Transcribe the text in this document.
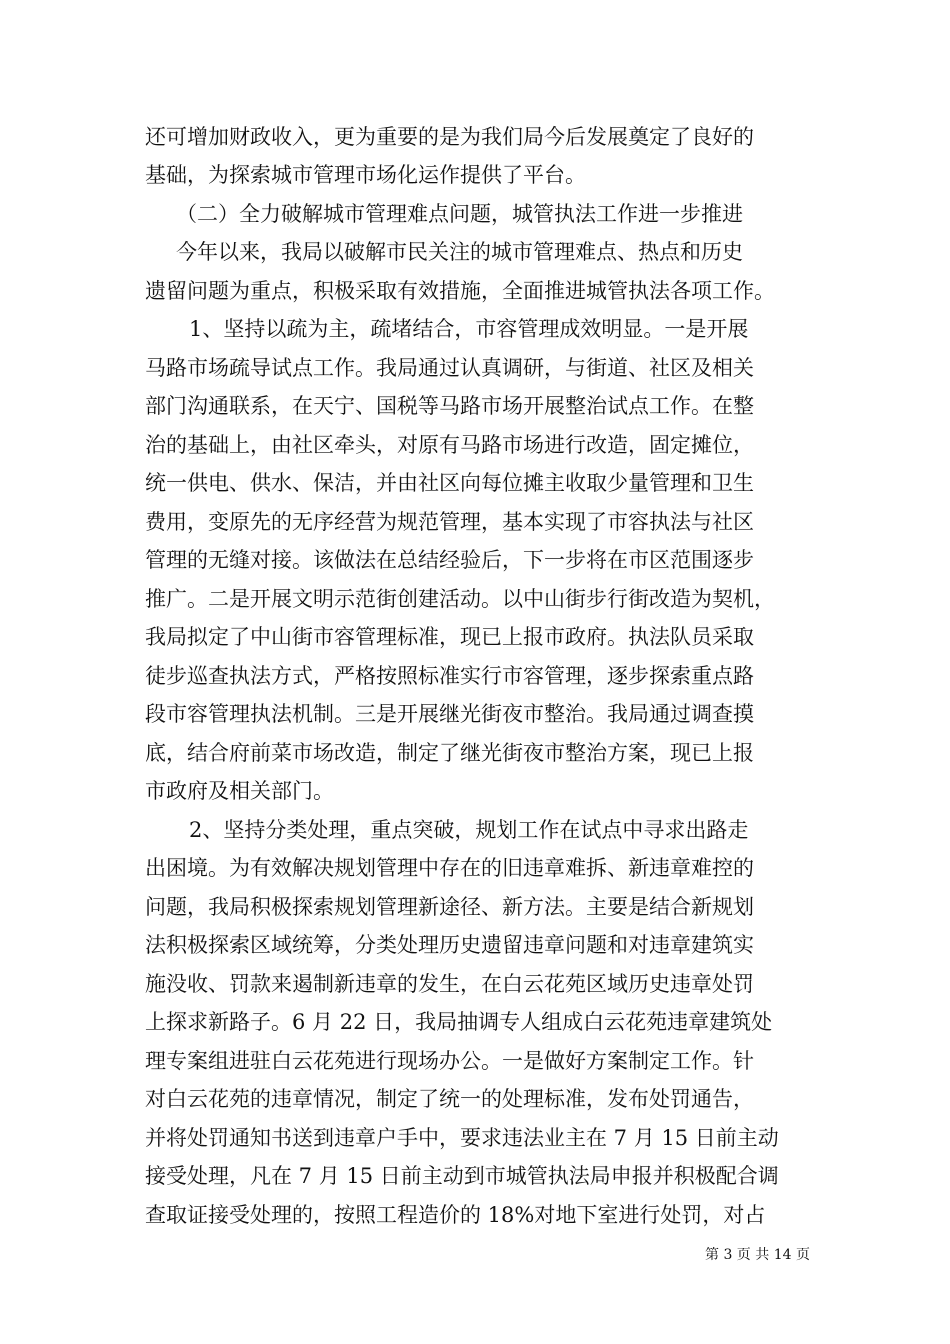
还可增加财政收入，更为重要的是为我们局今后发展奠定了良好的
基础，为探索城市管理市场化运作提供了平台。
（二）全力破解城市管理难点问题，城管执法工作进一步推进
今年以来，我局以破解市民关注的城市管理难点、热点和历史
遗留问题为重点，积极采取有效措施，全面推进城管执法各项工作。
1、坚持以疏为主，疏堵结合，市容管理成效明显。一是开展
马路市场疏导试点工作。我局通过认真调研，与街道、社区及相关
部门沟通联系，在天宁、国税等马路市场开展整治试点工作。在整
治的基础上，由社区牵头，对原有马路市场进行改造，固定摊位，
统一供电、供水、保洁，并由社区向每位摊主收取少量管理和卫生
费用，变原先的无序经营为规范管理，基本实现了市容执法与社区
管理的无缝对接。该做法在总结经验后，下一步将在市区范围逐步
推广。二是开展文明示范街创建活动。以中山街步行街改造为契机，
我局拟定了中山街市容管理标准，现已上报市政府。执法队员采取
徒步巡查执法方式，严格按照标准实行市容管理，逐步探索重点路
段市容管理执法机制。三是开展继光街夜市整治。我局通过调查摸
底，结合府前菜市场改造，制定了继光街夜市整治方案，现已上报
市政府及相关部门。
2、坚持分类处理，重点突破，规划工作在试点中寻求出路走
出困境。为有效解决规划管理中存在的旧违章难拆、新违章难控的
问题，我局积极探索规划管理新途径、新方法。主要是结合新规划
法积极探索区域统筹，分类处理历史遗留违章问题和对违章建筑实
施没收、罚款来遏制新违章的发生，在白云花苑区域历史违章处罚
上探求新路子。6 月 22 日，我局抽调专人组成白云花苑违章建筑处
理专案组进驻白云花苑进行现场办公。一是做好方案制定工作。针
对白云花苑的违章情况，制定了统一的处理标准，发布处罚通告，
并将处罚通知书送到违章户手中，要求违法业主在 7 月 15 日前主动
接受处理，凡在 7 月 15 日前主动到市城管执法局申报并积极配合调
查取证接受处理的，按照工程造价的 18%对地下室进行处罚，对占
第 3 页 共 14 页
